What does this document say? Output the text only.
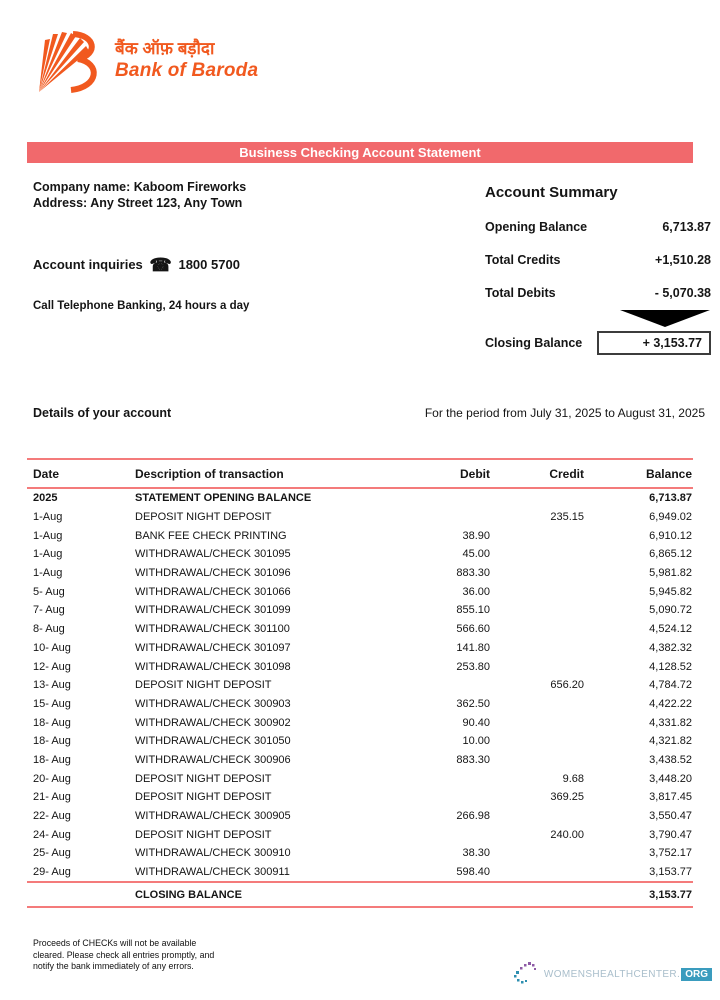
बैंक ऑफ़ बड़ौदा
Bank of Baroda
Business Checking Account Statement
Company name: Kaboom Fireworks
Address: Any Street 123, Any Town
Account inquiries ☎ 1800 5700
Call Telephone Banking, 24 hours a day
Account Summary
Opening Balance	6,713.87
Total Credits	+1,510.28
Total Debits	- 5,070.38
Closing Balance	+ 3,153.77
Details of your account	For the period from July 31, 2025 to August 31, 2025
Date	Description of transaction	Debit	Credit	Balance
2025	STATEMENT OPENING BALANCE			6,713.87
1-Aug	DEPOSIT NIGHT DEPOSIT		235.15	6,949.02
1-Aug	BANK FEE CHECK PRINTING	38.90		6,910.12
1-Aug	WITHDRAWAL/CHECK 301095	45.00		6,865.12
1-Aug	WITHDRAWAL/CHECK 301096	883.30		5,981.82
5- Aug	WITHDRAWAL/CHECK 301066	36.00		5,945.82
7- Aug	WITHDRAWAL/CHECK 301099	855.10		5,090.72
8- Aug	WITHDRAWAL/CHECK 301100	566.60		4,524.12
10- Aug	WITHDRAWAL/CHECK 301097	141.80		4,382.32
12- Aug	WITHDRAWAL/CHECK 301098	253.80		4,128.52
13- Aug	DEPOSIT NIGHT DEPOSIT		656.20	4,784.72
15- Aug	WITHDRAWAL/CHECK 300903	362.50		4,422.22
18- Aug	WITHDRAWAL/CHECK 300902	90.40		4,331.82
18- Aug	WITHDRAWAL/CHECK 301050	10.00		4,321.82
18- Aug	WITHDRAWAL/CHECK 300906	883.30		3,438.52
20- Aug	DEPOSIT NIGHT DEPOSIT		9.68	3,448.20
21- Aug	DEPOSIT NIGHT DEPOSIT		369.25	3,817.45
22- Aug	WITHDRAWAL/CHECK 300905	266.98		3,550.47
24- Aug	DEPOSIT NIGHT DEPOSIT		240.00	3,790.47
25- Aug	WITHDRAWAL/CHECK 300910	38.30		3,752.17
29- Aug	WITHDRAWAL/CHECK 300911	598.40		3,153.77
	CLOSING BALANCE			3,153.77
Proceeds of CHECKs will not be available
cleared. Please check all entries promptly, and
notify the bank immediately of any errors.
WOMENSHEALTHCENTER. ORG
